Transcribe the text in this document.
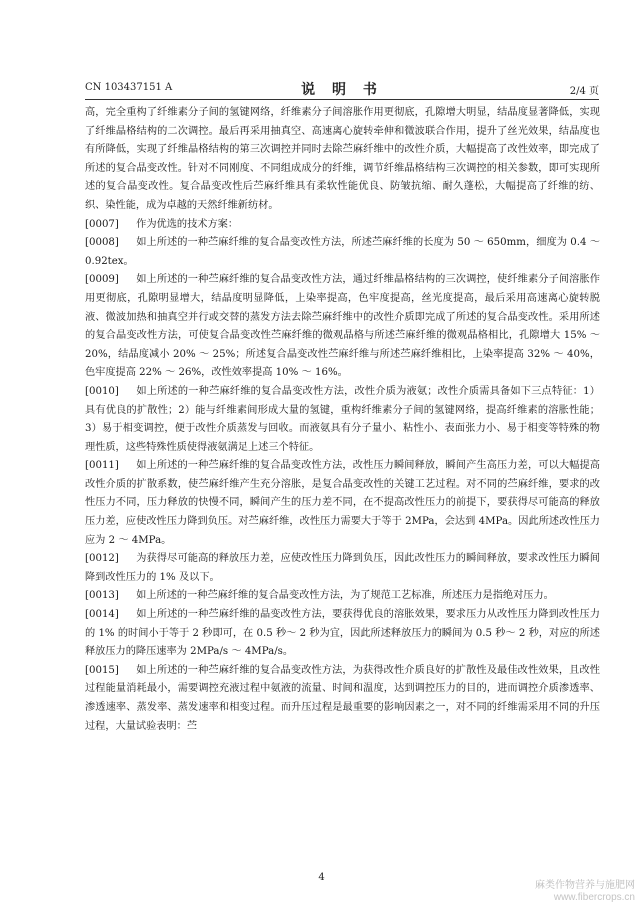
CN 103437151 A	说 明 书	2/4 页

高，完全重构了纤维素分子间的氢键网络，纤维素分子间溶胀作用更彻底，孔隙增大明显，结晶度显著降低，实现了纤维晶格结构的二次调控。最后再采用抽真空、高速离心旋转牵伸和微波联合作用，提升了丝光效果，结晶度也有所降低，实现了纤维晶格结构的第三次调控并同时去除苎麻纤维中的改性介质，大幅提高了改性效率，即完成了所述的复合晶变改性。针对不同刚度、不同组成成分的纤维，调节纤维晶格结构三次调控的相关参数，即可实现所述的复合晶变改性。复合晶变改性后苎麻纤维具有柔软性能优良、防皱抗缩、耐久蓬松，大幅提高了纤维的纺、织、染性能，成为卓越的天然纤维新纺材。

[0007] 作为优选的技术方案：

[0008] 如上所述的一种苎麻纤维的复合晶变改性方法，所述苎麻纤维的长度为 50 ～ 650mm，细度为 0.4 ～ 0.92tex。

[0009] 如上所述的一种苎麻纤维的复合晶变改性方法，通过纤维晶格结构的三次调控，使纤维素分子间溶胀作用更彻底，孔隙明显增大，结晶度明显降低，上染率提高，色牢度提高，丝光度提高，最后采用高速离心旋转脱液、微波加热和抽真空并行或交替的蒸发方法去除苎麻纤维中的改性介质即完成了所述的复合晶变改性。采用所述的复合晶变改性方法，可使复合晶变改性苎麻纤维的微观晶格与所述苎麻纤维的微观晶格相比，孔隙增大 15% ～ 20%，结晶度减小 20% ～ 25%；所述复合晶变改性苎麻纤维与所述苎麻纤维相比，上染率提高 32% ～ 40%，色牢度提高 22% ～ 26%，改性效率提高 10% ～ 16%。

[0010] 如上所述的一种苎麻纤维的复合晶变改性方法，改性介质为液氨；改性介质需具备如下三点特征：1）具有优良的扩散性；2）能与纤维素间形成大量的氢键，重构纤维素分子间的氢键网络，提高纤维素的溶胀性能；3）易于相变调控，便于改性介质蒸发与回收。而液氨具有分子量小、粘性小、表面张力小、易于相变等特殊的物理性质，这些特殊性质使得液氨满足上述三个特征。

[0011] 如上所述的一种苎麻纤维的复合晶变改性方法，改性压力瞬间释放，瞬间产生高压力差，可以大幅提高改性介质的扩散系数，使苎麻纤维产生充分溶胀，是复合晶变改性的关键工艺过程。对不同的苎麻纤维，要求的改性压力不同，压力释放的快慢不同，瞬间产生的压力差不同，在不提高改性压力的前提下，要获得尽可能高的释放压力差，应使改性压力降到负压。对苎麻纤维，改性压力需要大于等于 2MPa，会达到 4MPa。因此所述改性压力应为 2 ～ 4MPa。

[0012] 为获得尽可能高的释放压力差，应使改性压力降到负压，因此改性压力的瞬间释放，要求改性压力瞬间降到改性压力的 1% 及以下。

[0013] 如上所述的一种苎麻纤维的复合晶变改性方法，为了规范工艺标准，所述压力是指绝对压力。

[0014] 如上所述的一种苎麻纤维的晶变改性方法，要获得优良的溶胀效果，要求压力从改性压力降到改性压力的 1% 的时间小于等于 2 秒即可，在 0.5 秒～ 2 秒为宜，因此所述释放压力的瞬间为 0.5 秒～ 2 秒，对应的所述释放压力的降压速率为 2MPa/s ～ 4MPa/s。

[0015] 如上所述的一种苎麻纤维的复合晶变改性方法，为获得改性介质良好的扩散性及最佳改性效果，且改性过程能量消耗最小，需要调控充液过程中氨液的流量、时间和温度，达到调控压力的目的，进而调控介质渗透率、渗透速率、蒸发率、蒸发速率和相变过程。而升压过程是最重要的影响因素之一，对不同的纤维需采用不同的升压过程，大量试验表明：苎

4
麻类作物营养与施肥网
www.fibercrops.cn
